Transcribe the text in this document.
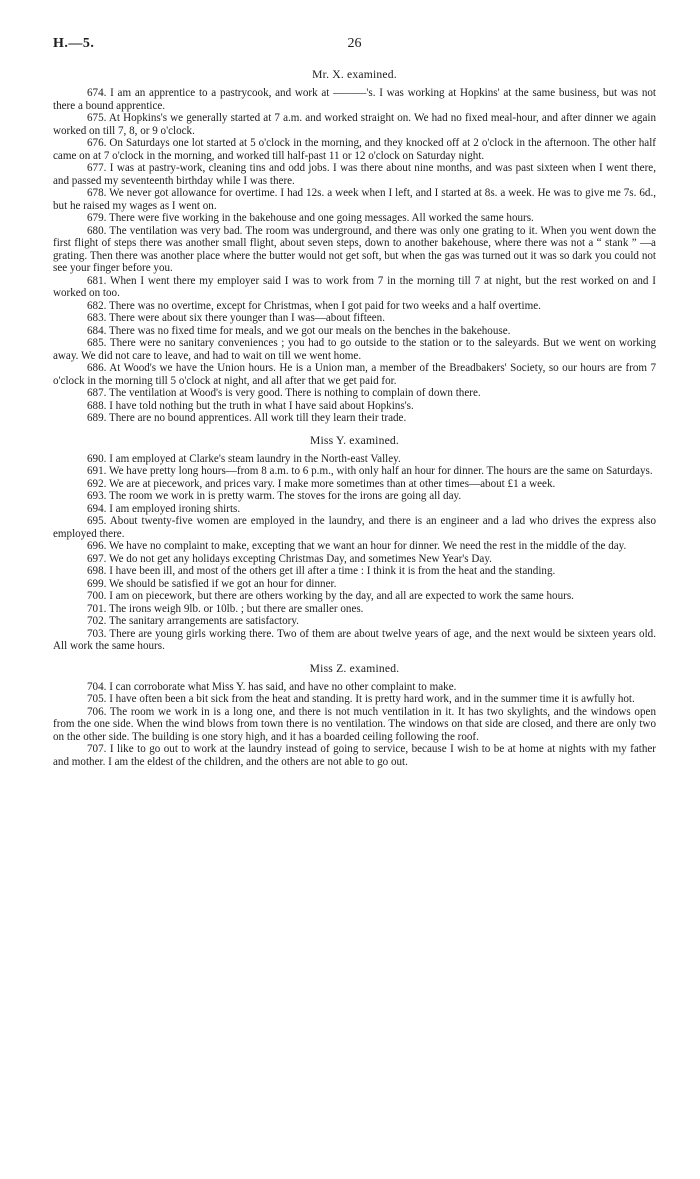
H.—5.	26
Mr. X. examined.

674. I am an apprentice to a pastrycook, and work at ———'s. I was working at Hopkins' at the same business, but was not there a bound apprentice.

675. At Hopkins's we generally started at 7 a.m. and worked straight on. We had no fixed meal-hour, and after dinner we again worked on till 7, 8, or 9 o'clock.

676. On Saturdays one lot started at 5 o'clock in the morning, and they knocked off at 2 o'clock in the afternoon. The other half came on at 7 o'clock in the morning, and worked till half-past 11 or 12 o'clock on Saturday night.

677. I was at pastry-work, cleaning tins and odd jobs. I was there about nine months, and was past sixteen when I went there, and passed my seventeenth birthday while I was there.

678. We never got allowance for overtime. I had 12s. a week when I left, and I started at 8s. a week. He was to give me 7s. 6d., but he raised my wages as I went on.

679. There were five working in the bakehouse and one going messages. All worked the same hours.

680. The ventilation was very bad. The room was underground, and there was only one grating to it. When you went down the first flight of steps there was another small flight, about seven steps, down to another bakehouse, where there was not a “ stank ” —a grating. Then there was another place where the butter would not get soft, but when the gas was turned out it was so dark you could not see your finger before you.

681. When I went there my employer said I was to work from 7 in the morning till 7 at night, but the rest worked on and I worked on too.

682. There was no overtime, except for Christmas, when I got paid for two weeks and a half overtime.

683. There were about six there younger than I was—about fifteen.

684. There was no fixed time for meals, and we got our meals on the benches in the bakehouse.

685. There were no sanitary conveniences ; you had to go outside to the station or to the saleyards. But we went on working away. We did not care to leave, and had to wait on till we went home.

686. At Wood's we have the Union hours. He is a Union man, a member of the Breadbakers' Society, so our hours are from 7 o'clock in the morning till 5 o'clock at night, and all after that we get paid for.

687. The ventilation at Wood's is very good. There is nothing to complain of down there.

688. I have told nothing but the truth in what I have said about Hopkins's.

689. There are no bound apprentices. All work till they learn their trade.

Miss Y. examined.

690. I am employed at Clarke's steam laundry in the North-east Valley.

691. We have pretty long hours—from 8 a.m. to 6 p.m., with only half an hour for dinner. The hours are the same on Saturdays.

692. We are at piecework, and prices vary. I make more sometimes than at other times—about £1 a week.

693. The room we work in is pretty warm. The stoves for the irons are going all day.

694. I am employed ironing shirts.

695. About twenty-five women are employed in the laundry, and there is an engineer and a lad who drives the express also employed there.

696. We have no complaint to make, excepting that we want an hour for dinner. We need the rest in the middle of the day.

697. We do not get any holidays excepting Christmas Day, and sometimes New Year's Day.

698. I have been ill, and most of the others get ill after a time : I think it is from the heat and the standing.

699. We should be satisfied if we got an hour for dinner.

700. I am on piecework, but there are others working by the day, and all are expected to work the same hours.

701. The irons weigh 9lb. or 10lb. ; but there are smaller ones.

702. The sanitary arrangements are satisfactory.

703. There are young girls working there. Two of them are about twelve years of age, and the next would be sixteen years old. All work the same hours.

Miss Z. examined.

704. I can corroborate what Miss Y. has said, and have no other complaint to make.

705. I have often been a bit sick from the heat and standing. It is pretty hard work, and in the summer time it is awfully hot.

706. The room we work in is a long one, and there is not much ventilation in it. It has two skylights, and the windows open from the one side. When the wind blows from town there is no ventilation. The windows on that side are closed, and there are only two on the other side. The building is one story high, and it has a boarded ceiling following the roof.

707. I like to go out to work at the laundry instead of going to service, because I wish to be at home at nights with my father and mother. I am the eldest of the children, and the others are not able to go out.
